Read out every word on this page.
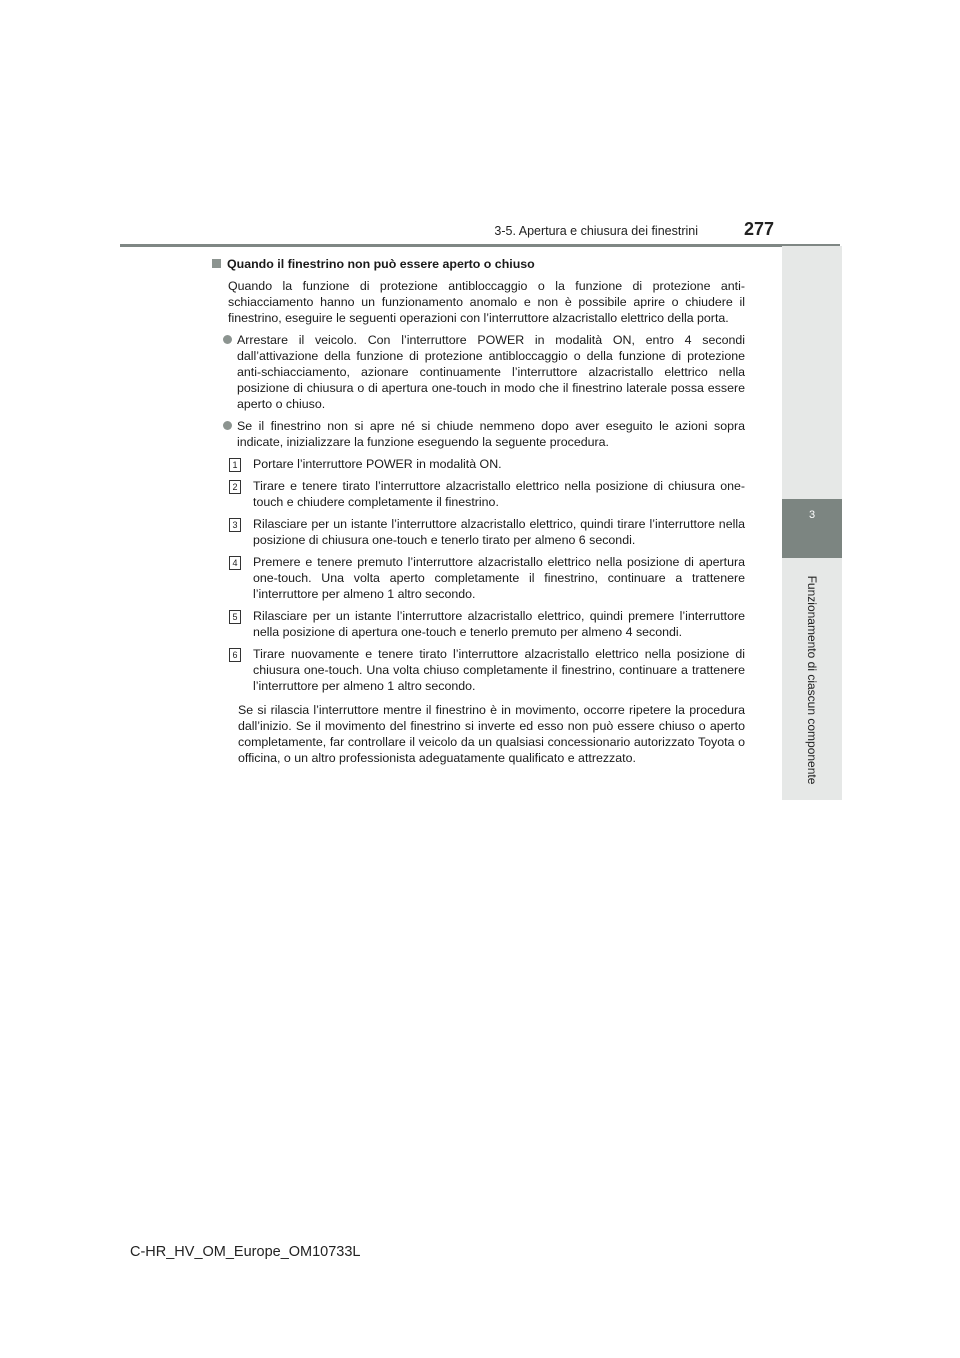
3-5. Apertura e chiusura dei finestrini	277
3
Funzionamento di ciascun componente
Quando il finestrino non può essere aperto o chiuso
Quando la funzione di protezione antibloccaggio o la funzione di protezione anti-schiacciamento hanno un funzionamento anomalo e non è possibile aprire o chiudere il finestrino, eseguire le seguenti operazioni con l’interruttore alzacristallo elettrico della porta.
Arrestare il veicolo. Con l’interruttore POWER in modalità ON, entro 4 secondi dall’attivazione della funzione di protezione antibloccaggio o della funzione di protezione anti-schiacciamento, azionare continuamente l’interruttore alzacristallo elettrico nella posizione di chiusura o di apertura one-touch in modo che il finestrino laterale possa essere aperto o chiuso.
Se il finestrino non si apre né si chiude nemmeno dopo aver eseguito le azioni sopra indicate, inizializzare la funzione eseguendo la seguente procedura.
1 Portare l’interruttore POWER in modalità ON.
2 Tirare e tenere tirato l’interruttore alzacristallo elettrico nella posizione di chiusura one-touch e chiudere completamente il finestrino.
3 Rilasciare per un istante l’interruttore alzacristallo elettrico, quindi tirare l’interruttore nella posizione di chiusura one-touch e tenerlo tirato per almeno 6 secondi.
4 Premere e tenere premuto l’interruttore alzacristallo elettrico nella posizione di apertura one-touch. Una volta aperto completamente il finestrino, continuare a trattenere l’interruttore per almeno 1 altro secondo.
5 Rilasciare per un istante l’interruttore alzacristallo elettrico, quindi premere l’interruttore nella posizione di apertura one-touch e tenerlo premuto per almeno 4 secondi.
6 Tirare nuovamente e tenere tirato l’interruttore alzacristallo elettrico nella posizione di chiusura one-touch. Una volta chiuso completamente il finestrino, continuare a trattenere l’interruttore per almeno 1 altro secondo.
Se si rilascia l’interruttore mentre il finestrino è in movimento, occorre ripetere la procedura dall’inizio. Se il movimento del finestrino si inverte ed esso non può essere chiuso o aperto completamente, far controllare il veicolo da un qualsiasi concessionario autorizzato Toyota o officina, o un altro professionista adeguatamente qualificato e attrezzato.
C-HR_HV_OM_Europe_OM10733L
